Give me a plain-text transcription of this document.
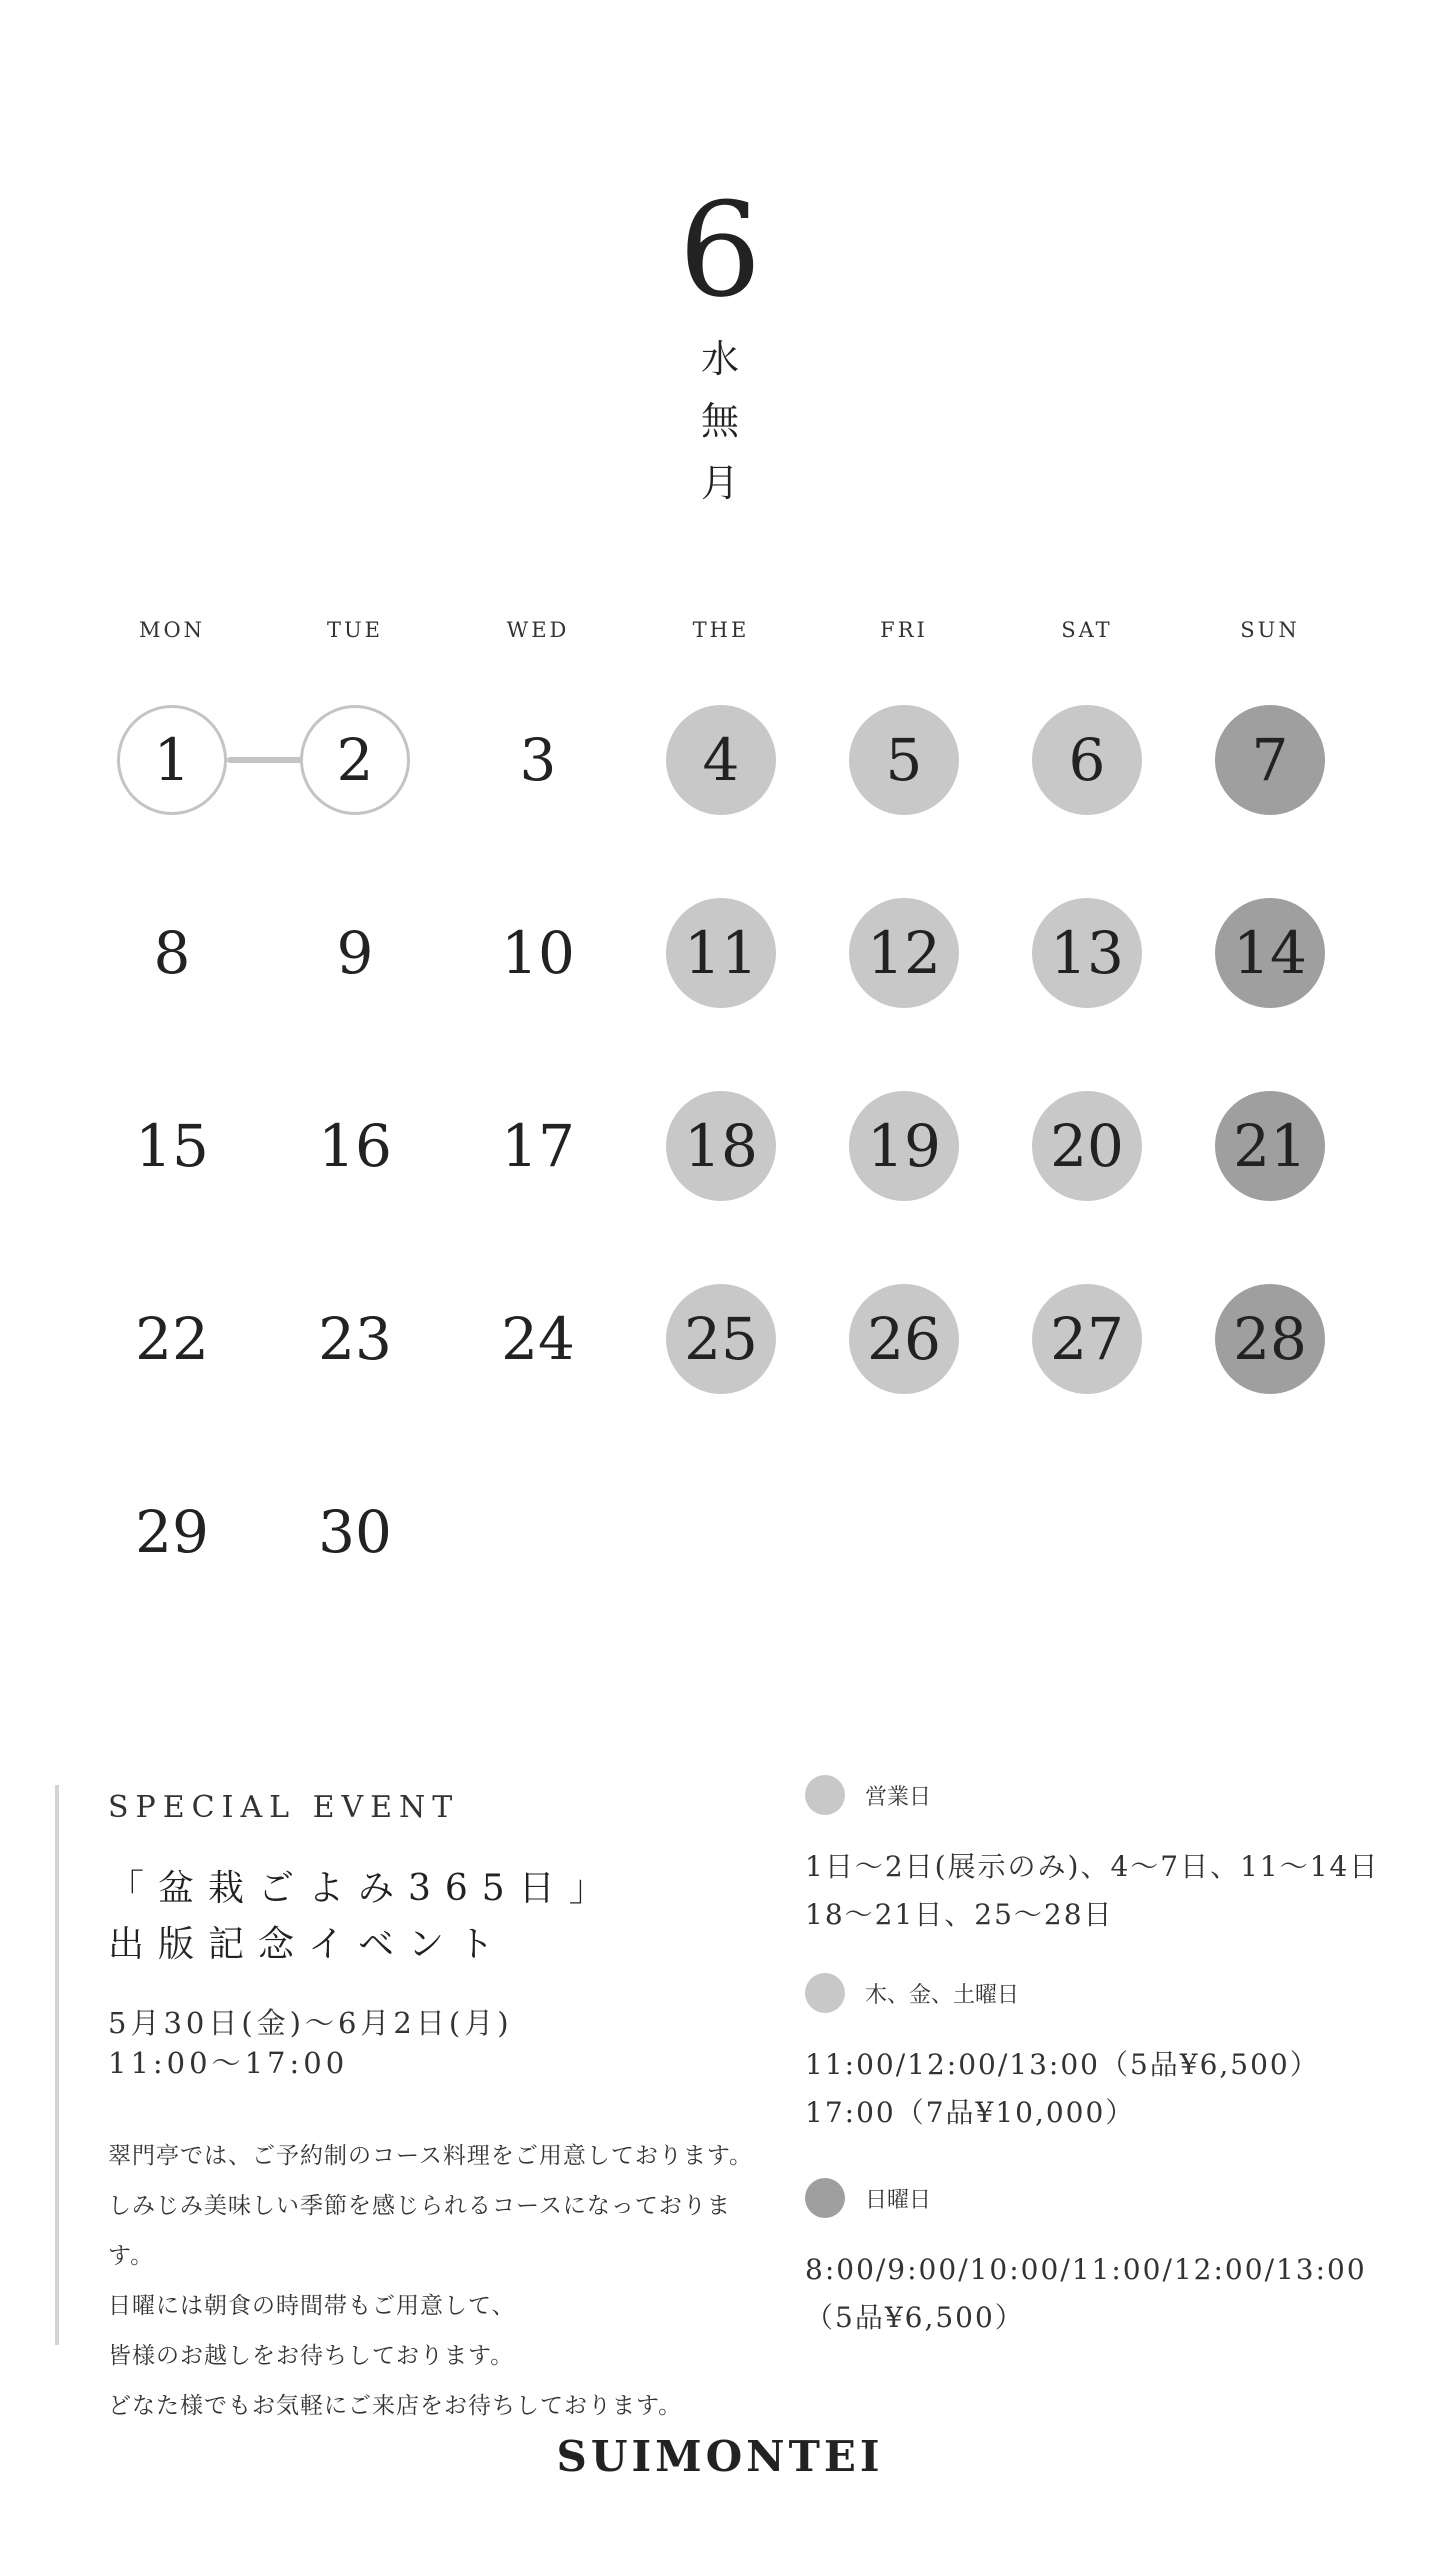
6
水
無
月
MON	TUE	WED	THE	FRI	SAT	SUN
1	2	3	4	5	6	7
8	9	10	11	12	13	14
15	16	17	18	19	20	21
22	23	24	25	26	27	28
29	30
SPECIAL EVENT
「盆栽ごよみ365日」
出版記念イベント
5月30日(金)〜6月2日(月)
11:00〜17:00
翠門亭では、ご予約制のコース料理をご用意しております。
しみじみ美味しい季節を感じられるコースになっております。
日曜には朝食の時間帯もご用意して、
皆様のお越しをお待ちしております。
どなた様でもお気軽にご来店をお待ちしております。
営業日
1日〜2日(展示のみ)、4〜7日、11〜14日
18〜21日、25〜28日
木、金、土曜日
11:00/12:00/13:00（5品¥6,500）
17:00（7品¥10,000）
日曜日
8:00/9:00/10:00/11:00/12:00/13:00
（5品¥6,500）
SUIMONTEI
